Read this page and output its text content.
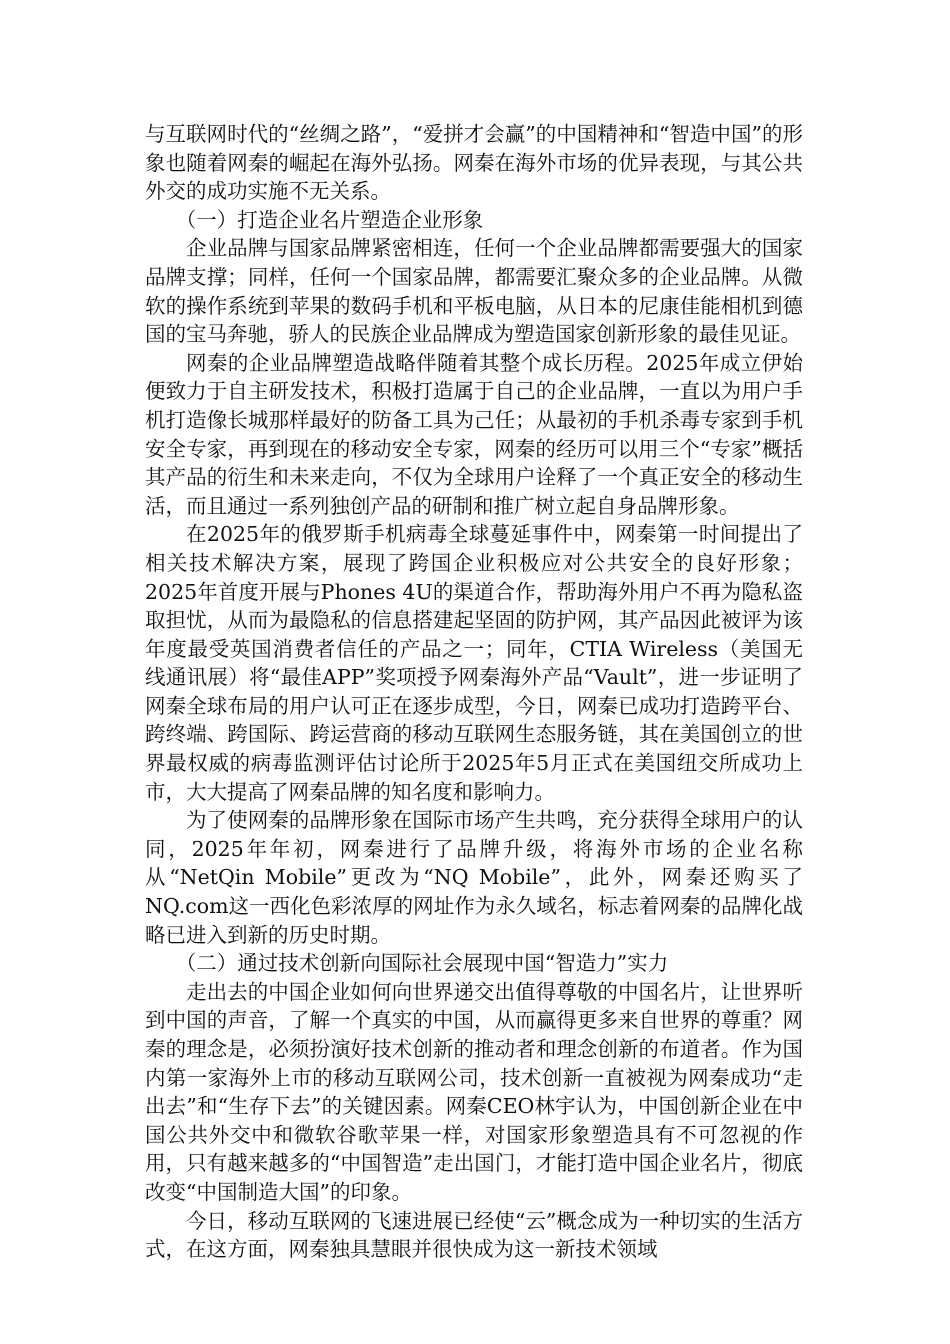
与互联网时代的“丝绸之路”，“爱拼才会赢”的中国精神和“智造中国”的形象也随着网秦的崛起在海外弘扬。网秦在海外市场的优异表现，与其公共外交的成功实施不无关系。

（一）打造企业名片塑造企业形象

企业品牌与国家品牌紧密相连，任何一个企业品牌都需要强大的国家品牌支撑；同样，任何一个国家品牌，都需要汇聚众多的企业品牌。从微软的操作系统到苹果的数码手机和平板电脑，从日本的尼康佳能相机到德国的宝马奔驰，骄人的民族企业品牌成为塑造国家创新形象的最佳见证。

网秦的企业品牌塑造战略伴随着其整个成长历程。2025年成立伊始便致力于自主研发技术，积极打造属于自己的企业品牌，一直以为用户手机打造像长城那样最好的防备工具为己任；从最初的手机杀毒专家到手机安全专家，再到现在的移动安全专家，网秦的经历可以用三个“专家”概括其产品的衍生和未来走向，不仅为全球用户诠释了一个真正安全的移动生活，而且通过一系列独创产品的研制和推广树立起自身品牌形象。

在2025年的俄罗斯手机病毒全球蔓延事件中，网秦第一时间提出了相关技术解决方案，展现了跨国企业积极应对公共安全的良好形象；2025年首度开展与Phones 4U的渠道合作，帮助海外用户不再为隐私盗取担忧，从而为最隐私的信息搭建起坚固的防护网，其产品因此被评为该年度最受英国消费者信任的产品之一；同年，CTIA Wireless（美国无线通讯展）将“最佳APP”奖项授予网秦海外产品“Vault”，进一步证明了网秦全球布局的用户认可正在逐步成型，今日，网秦已成功打造跨平台、跨终端、跨国际、跨运营商的移动互联网生态服务链，其在美国创立的世界最权威的病毒监测评估讨论所于2025年5月正式在美国纽交所成功上市，大大提高了网秦品牌的知名度和影响力。

为了使网秦的品牌形象在国际市场产生共鸣，充分获得全球用户的认同，2025年年初，网秦进行了品牌升级，将海外市场的企业名称从“NetQin Mobile”更改为“NQ Mobile”，此外，网秦还购买了NQ.com这一西化色彩浓厚的网址作为永久域名，标志着网秦的品牌化战略已进入到新的历史时期。

（二）通过技术创新向国际社会展现中国“智造力”实力

走出去的中国企业如何向世界递交出值得尊敬的中国名片，让世界听到中国的声音，了解一个真实的中国，从而赢得更多来自世界的尊重？网秦的理念是，必须扮演好技术创新的推动者和理念创新的布道者。作为国内第一家海外上市的移动互联网公司，技术创新一直被视为网秦成功“走出去”和“生存下去”的关键因素。网秦CEO林宇认为，中国创新企业在中国公共外交中和微软谷歌苹果一样，对国家形象塑造具有不可忽视的作用，只有越来越多的“中国智造”走出国门，才能打造中国企业名片，彻底改变“中国制造大国”的印象。

今日，移动互联网的飞速进展已经使“云”概念成为一种切实的生活方式，在这方面，网秦独具慧眼并很快成为这一新技术领域
